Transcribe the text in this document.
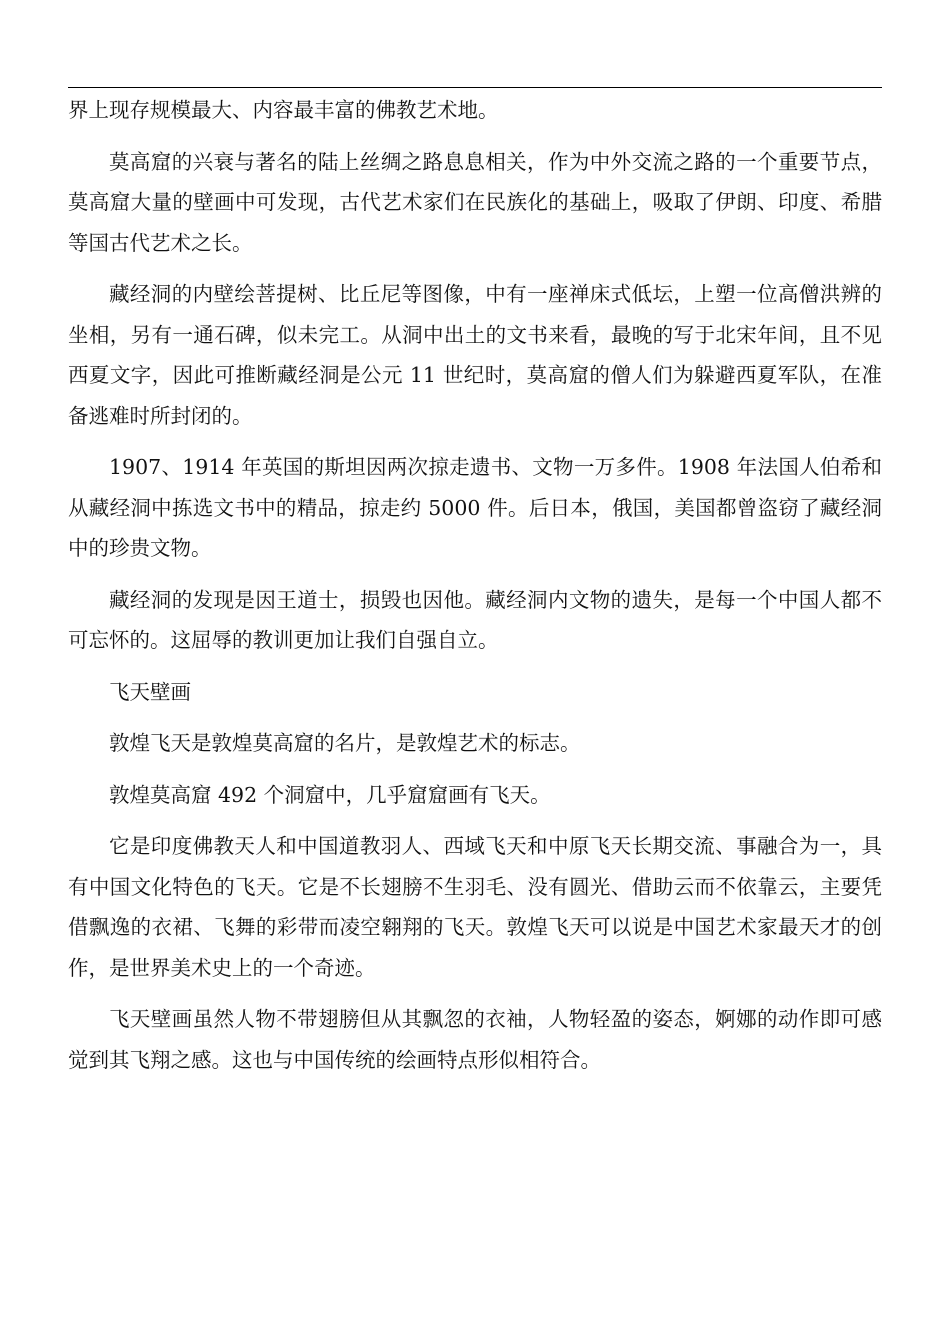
界上现存规模最大、内容最丰富的佛教艺术地。

莫高窟的兴衰与著名的陆上丝绸之路息息相关，作为中外交流之路的一个重要节点，莫高窟大量的壁画中可发现，古代艺术家们在民族化的基础上，吸取了伊朗、印度、希腊等国古代艺术之长。

藏经洞的内壁绘菩提树、比丘尼等图像，中有一座禅床式低坛，上塑一位高僧洪辨的坐相，另有一通石碑，似未完工。从洞中出土的文书来看，最晚的写于北宋年间，且不见西夏文字，因此可推断藏经洞是公元 11 世纪时，莫高窟的僧人们为躲避西夏军队，在准备逃难时所封闭的。

1907、1914 年英国的斯坦因两次掠走遗书、文物一万多件。1908 年法国人伯希和从藏经洞中拣选文书中的精品，掠走约 5000 件。后日本，俄国，美国都曾盗窃了藏经洞中的珍贵文物。

藏经洞的发现是因王道士，损毁也因他。藏经洞内文物的遗失，是每一个中国人都不可忘怀的。这屈辱的教训更加让我们自强自立。

飞天壁画

敦煌飞天是敦煌莫高窟的名片，是敦煌艺术的标志。

敦煌莫高窟 492 个洞窟中，几乎窟窟画有飞天。

它是印度佛教天人和中国道教羽人、西域飞天和中原飞天长期交流、事融合为一，具有中国文化特色的飞天。它是不长翅膀不生羽毛、没有圆光、借助云而不依靠云，主要凭借飘逸的衣裙、飞舞的彩带而凌空翱翔的飞天。敦煌飞天可以说是中国艺术家最天才的创作，是世界美术史上的一个奇迹。

飞天壁画虽然人物不带翅膀但从其飘忽的衣袖，人物轻盈的姿态，婀娜的动作即可感觉到其飞翔之感。这也与中国传统的绘画特点形似相符合。
